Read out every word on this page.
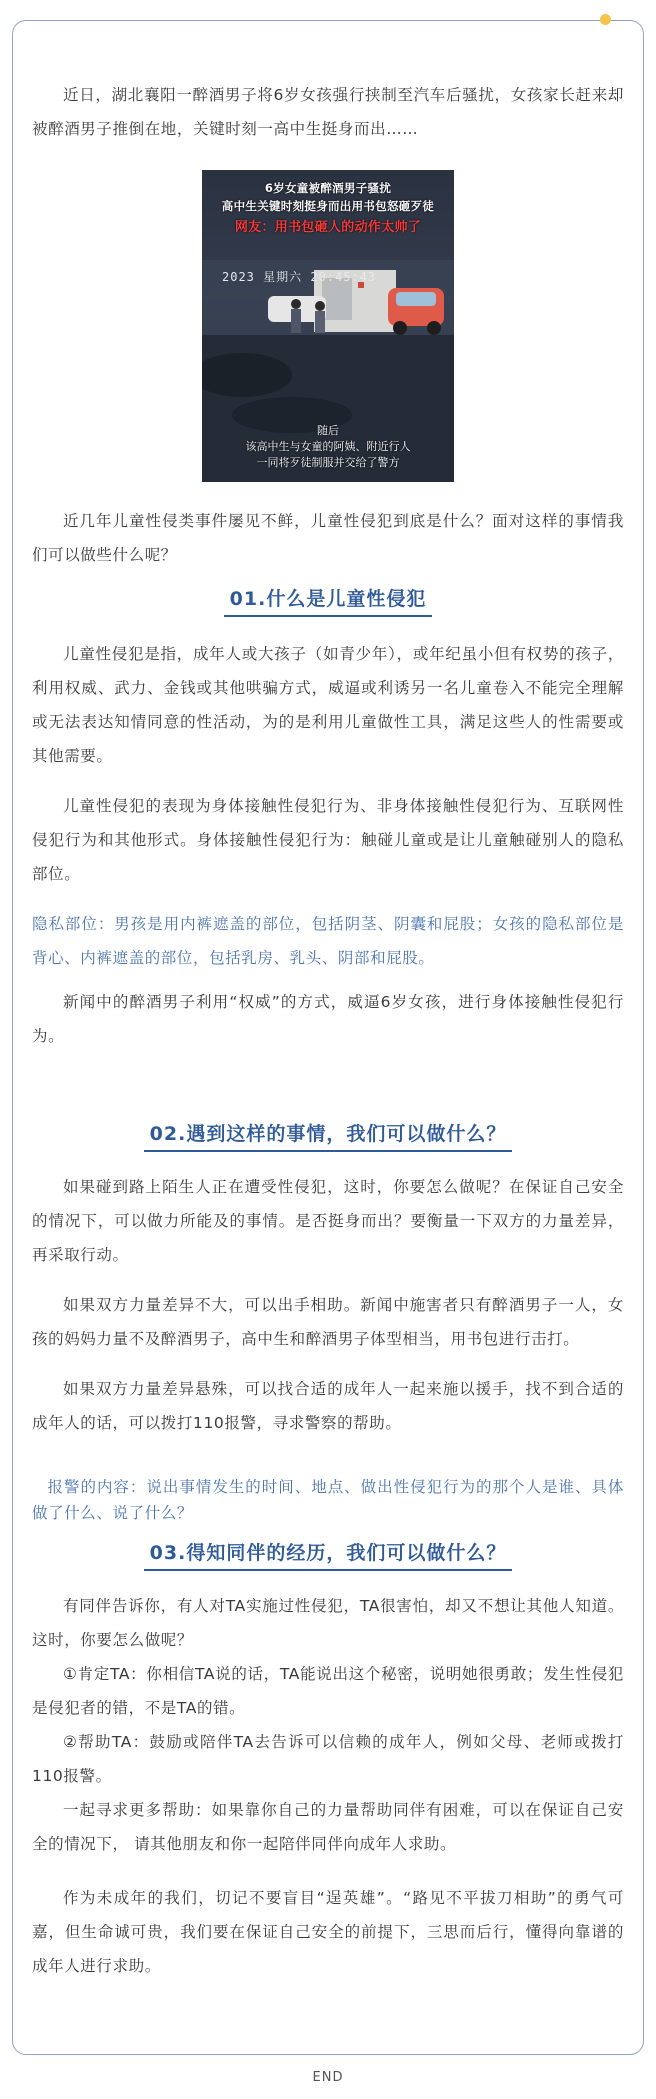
近日，湖北襄阳一醉酒男子将6岁女孩强行挟制至汽车后骚扰，女孩家长赶来却被醉酒男子推倒在地，关键时刻一高中生挺身而出……

6岁女童被醉酒男子骚扰
高中生关键时刻挺身而出用书包怒砸歹徒
网友：用书包砸人的动作太帅了
2023 星期六 20:45:43
随后
该高中生与女童的阿姨、附近行人
一同将歹徒制服并交给了警方

近几年儿童性侵类事件屡见不鲜，儿童性侵犯到底是什么？面对这样的事情我们可以做些什么呢？

01.什么是儿童性侵犯

儿童性侵犯是指，成年人或大孩子（如青少年），或年纪虽小但有权势的孩子，利用权威、武力、金钱或其他哄骗方式，威逼或利诱另一名儿童卷入不能完全理解或无法表达知情同意的性活动，为的是利用儿童做性工具，满足这些人的性需要或其他需要。

儿童性侵犯的表现为身体接触性侵犯行为、非身体接触性侵犯行为、互联网性侵犯行为和其他形式。身体接触性侵犯行为：触碰儿童或是让儿童触碰别人的隐私部位。

隐私部位：男孩是用内裤遮盖的部位，包括阴茎、阴囊和屁股；女孩的隐私部位是背心、内裤遮盖的部位，包括乳房、乳头、阴部和屁股。

新闻中的醉酒男子利用“权威”的方式，威逼6岁女孩，进行身体接触性侵犯行为。

02.遇到这样的事情，我们可以做什么？

如果碰到路上陌生人正在遭受性侵犯，这时，你要怎么做呢？在保证自己安全的情况下，可以做力所能及的事情。是否挺身而出？要衡量一下双方的力量差异，再采取行动。

如果双方力量差异不大，可以出手相助。新闻中施害者只有醉酒男子一人，女孩的妈妈力量不及醉酒男子，高中生和醉酒男子体型相当，用书包进行击打。

如果双方力量差异悬殊，可以找合适的成年人一起来施以援手，找不到合适的成年人的话，可以拨打110报警，寻求警察的帮助。

报警的内容：说出事情发生的时间、地点、做出性侵犯行为的那个人是谁、具体做了什么、说了什么？

03.得知同伴的经历，我们可以做什么？

有同伴告诉你，有人对TA实施过性侵犯，TA很害怕，却又不想让其他人知道。这时，你要怎么做呢？

①肯定TA：你相信TA说的话，TA能说出这个秘密，说明她很勇敢；发生性侵犯是侵犯者的错，不是TA的错。

②帮助TA：鼓励或陪伴TA去告诉可以信赖的成年人，例如父母、老师或拨打110报警。

一起寻求更多帮助：如果靠你自己的力量帮助同伴有困难，可以在保证自己安全的情况下， 请其他朋友和你一起陪伴同伴向成年人求助。

作为未成年的我们，切记不要盲目“逞英雄”。“路见不平拔刀相助”的勇气可嘉，但生命诚可贵，我们要在保证自己安全的前提下，三思而后行，懂得向靠谱的成年人进行求助。

END
